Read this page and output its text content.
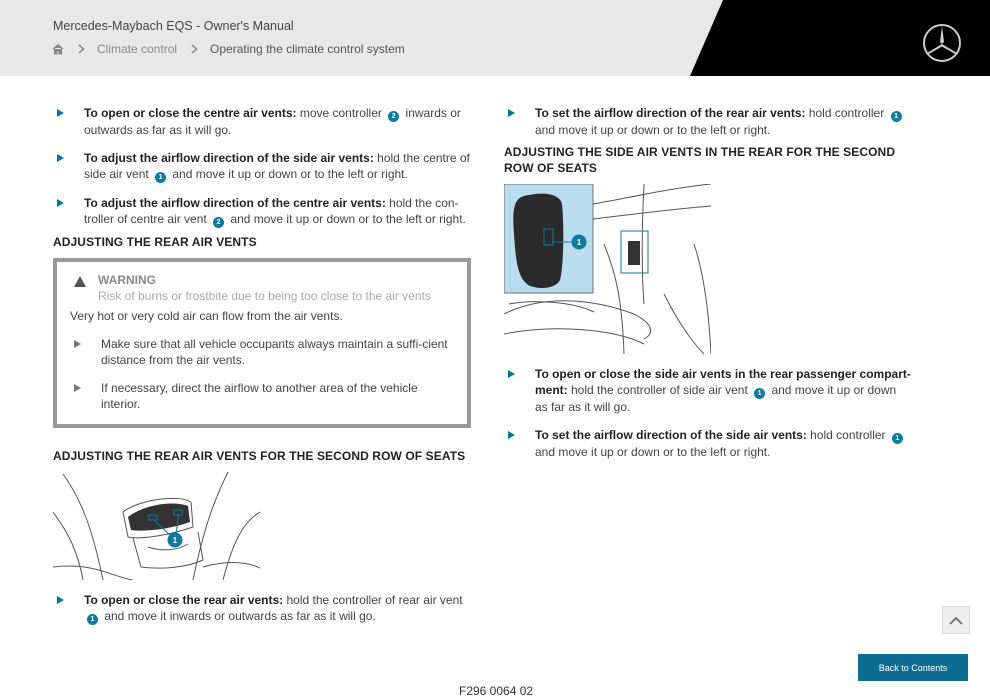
Mercedes-Maybach EQS - Owner's Manual
Climate control	Operating the climate control system
To open or close the centre air vents: move controller 2 inwards or outwards as far as it will go.
To adjust the airflow direction of the side air vents: hold the centre of side air vent 1 and move it up or down or to the left or right.
To adjust the airflow direction of the centre air vents: hold the con-troller of centre air vent 2 and move it up or down or to the left or right.
ADJUSTING THE REAR AIR VENTS
WARNING
Risk of burns or frostbite due to being too close to the air vents
Very hot or very cold air can flow from the air vents.
Make sure that all vehicle occupants always maintain a suffi-cient distance from the air vents.
If necessary, direct the airflow to another area of the vehicle interior.
ADJUSTING THE REAR AIR VENTS FOR THE SECOND ROW OF SEATS
1
To open or close the rear air vents: hold the controller of rear air vent 1 and move it inwards or outwards as far as it will go.
To set the airflow direction of the rear air vents: hold controller 1 and move it up or down or to the left or right.
ADJUSTING THE SIDE AIR VENTS IN THE REAR FOR THE SECOND ROW OF SEATS
1
To open or close the side air vents in the rear passenger compart-ment: hold the controller of side air vent 1 and move it up or down as far as it will go.
To set the airflow direction of the side air vents: hold controller 1 and move it up or down or to the left or right.
Back to Contents
F296 0064 02
